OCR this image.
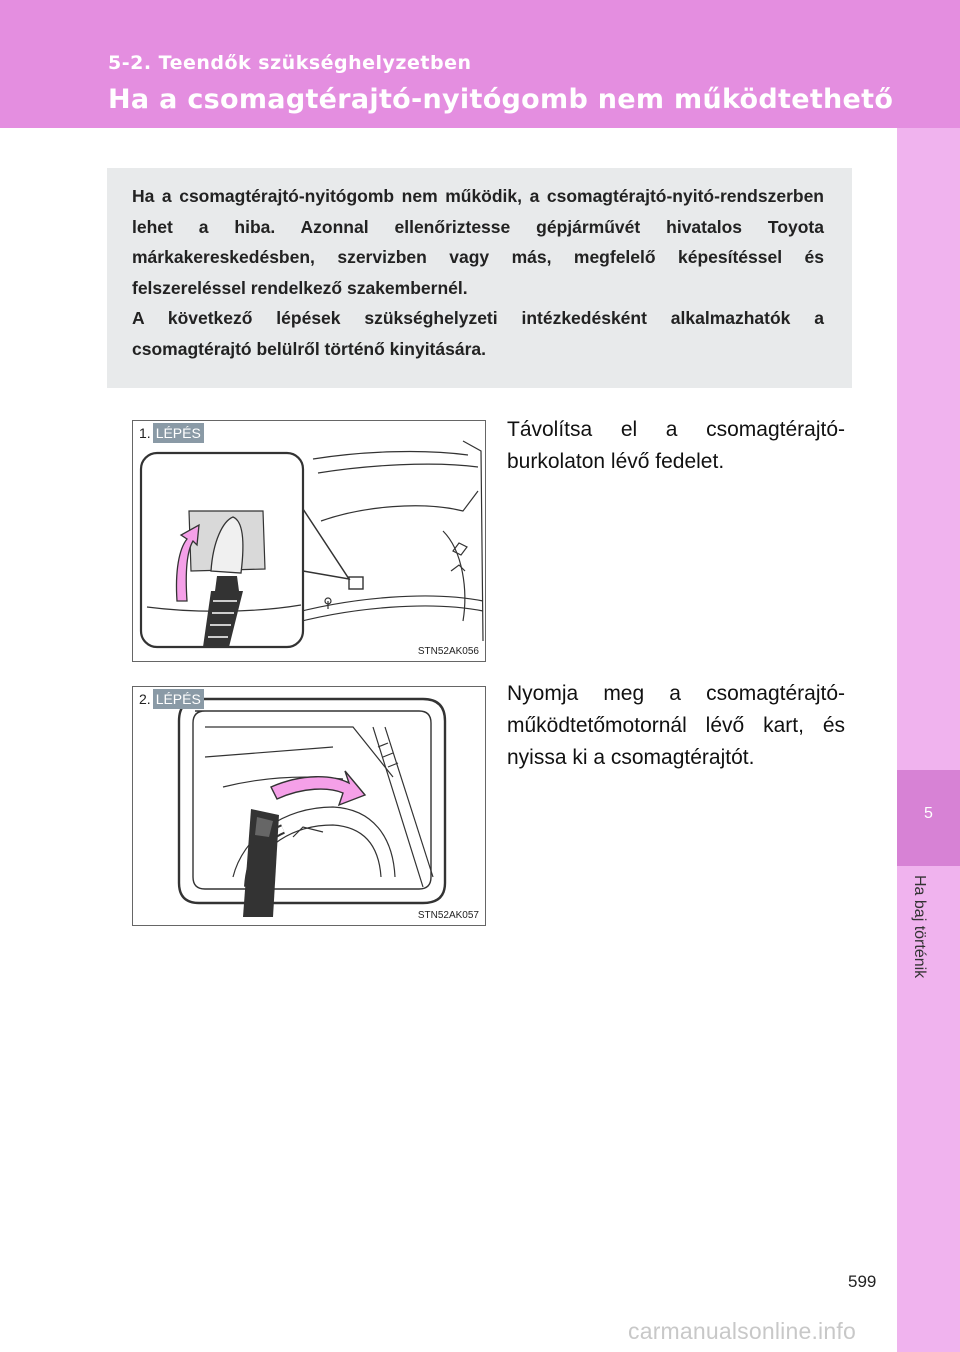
5-2. Teendők szükséghelyzetben
Ha a csomagtérajtó-nyitógomb nem működtethető
5
Ha baj történik
Ha a csomagtérajtó-nyitógomb nem működik, a csomagtérajtó-nyitó-rendszerben lehet a hiba. Azonnal ellenőriztesse gépjárművét hivatalos Toyota márkakereskedésben, szervizben vagy más, megfelelő képesítéssel és felszereléssel rendelkező szakembernél.
A következő lépések szükséghelyzeti intézkedésként alkalmazhatók a csomagtérajtó belülről történő kinyitására.
1. LÉPÉS
STN52AK056
Távolítsa el a csomagtérajtó-burkolaton lévő fedelet.
2. LÉPÉS
STN52AK057
Nyomja meg a csomagtérajtó-működtetőmotornál lévő kart, és nyissa ki a csomagtérajtót.
599
carmanualsonline.info
